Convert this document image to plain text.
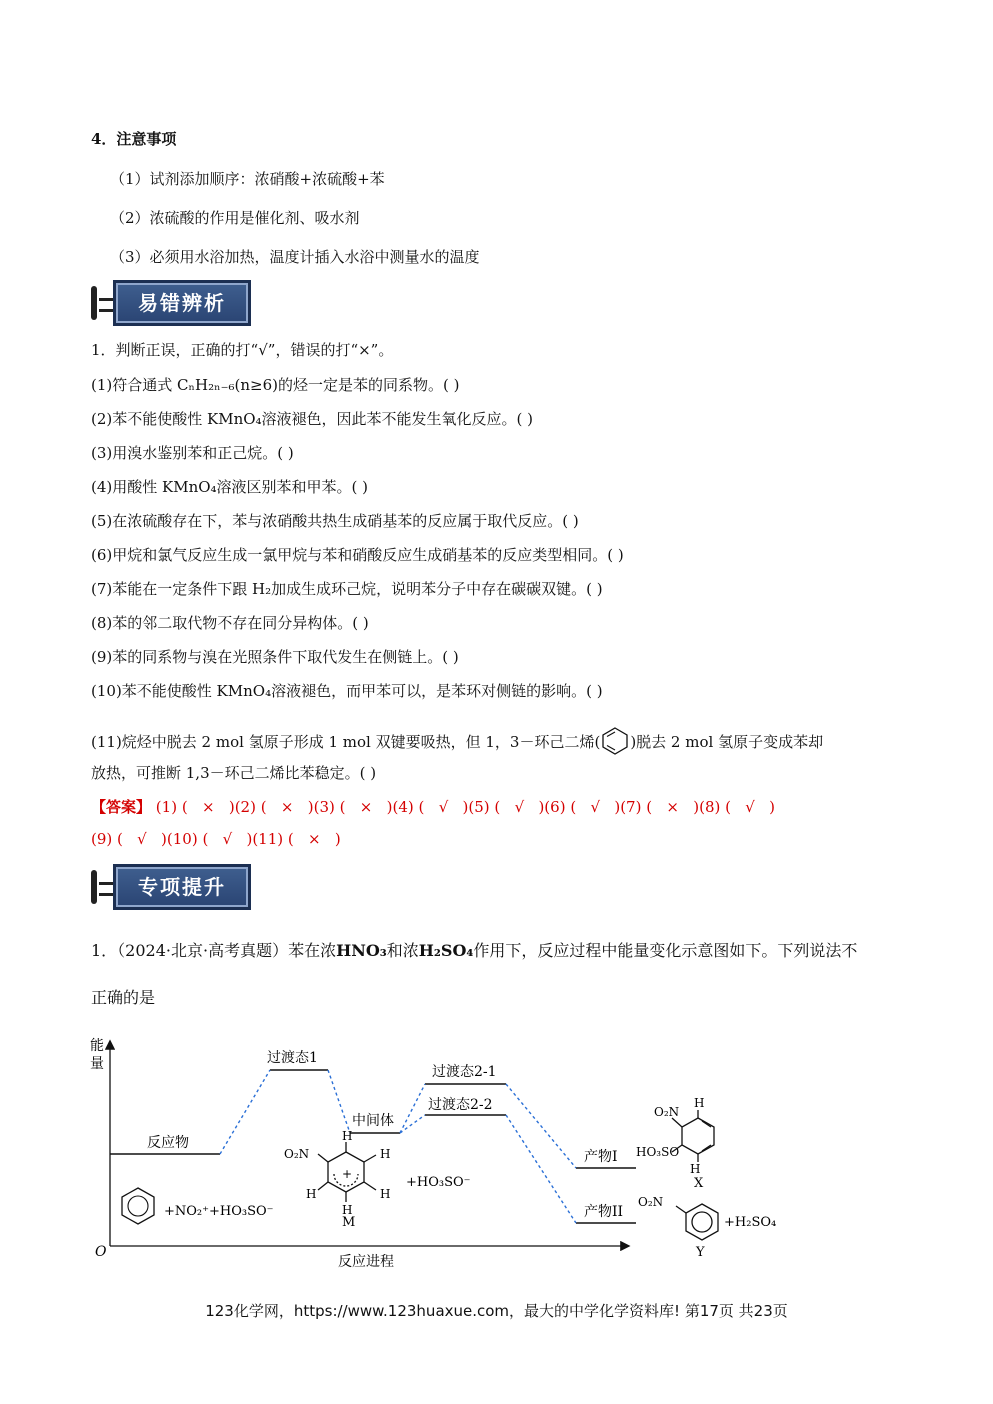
4．注意事项
（1）试剂添加顺序：浓硝酸+浓硫酸+苯
（2）浓硫酸的作用是催化剂、吸水剂
（3）必须用水浴加热，温度计插入水浴中测量水的温度
易错辨析
1．判断正误，正确的打“√”，错误的打“×”。
(1)符合通式 CₙH₂ₙ₋₆(n≥6)的烃一定是苯的同系物。( )
(2)苯不能使酸性 KMnO₄溶液褪色，因此苯不能发生氧化反应。( )
(3)用溴水鉴别苯和正己烷。( )
(4)用酸性 KMnO₄溶液区别苯和甲苯。( )
(5)在浓硫酸存在下，苯与浓硝酸共热生成硝基苯的反应属于取代反应。( )
(6)甲烷和氯气反应生成一氯甲烷与苯和硝酸反应生成硝基苯的反应类型相同。( )
(7)苯能在一定条件下跟 H₂加成生成环己烷，说明苯分子中存在碳碳双键。( )
(8)苯的邻二取代物不存在同分异构体。( )
(9)苯的同系物与溴在光照条件下取代发生在侧链上。( )
(10)苯不能使酸性 KMnO₄溶液褪色，而甲苯可以，是苯环对侧链的影响。( )
(11)烷烃中脱去 2 mol 氢原子形成 1 mol 双键要吸热，但 1，3－环己二烯( )脱去 2 mol 氢原子变成苯却
放热，可推断 1,3－环己二烯比苯稳定。( )
【答案】 (1) (   ×   )(2) (   ×   )(3) (   ×   )(4) (   √   )(5) (   √   )(6) (   √   )(7) (   ×   )(8) (   √   )
(9) (   √   )(10) (   √   )(11) (   ×   )
专项提升
1．（2024·北京·高考真题）苯在浓HNO₃和浓H₂SO₄作用下，反应过程中能量变化示意图如下。下列说法不
正确的是
能
量
O
反应进程
反应物
过渡态1
中间体
过渡态2-1
过渡态2-2
产物I
产物II
+NO₂⁺+HO₃SO⁻
O₂N
H
H
H
H
H
+
M
+HO₃SO⁻
O₂N
HO₃SO
H
H
X
O₂N
Y
+H₂SO₄
123化学网，https://www.123huaxue.com，最大的中学化学资料库! 第17页 共23页
